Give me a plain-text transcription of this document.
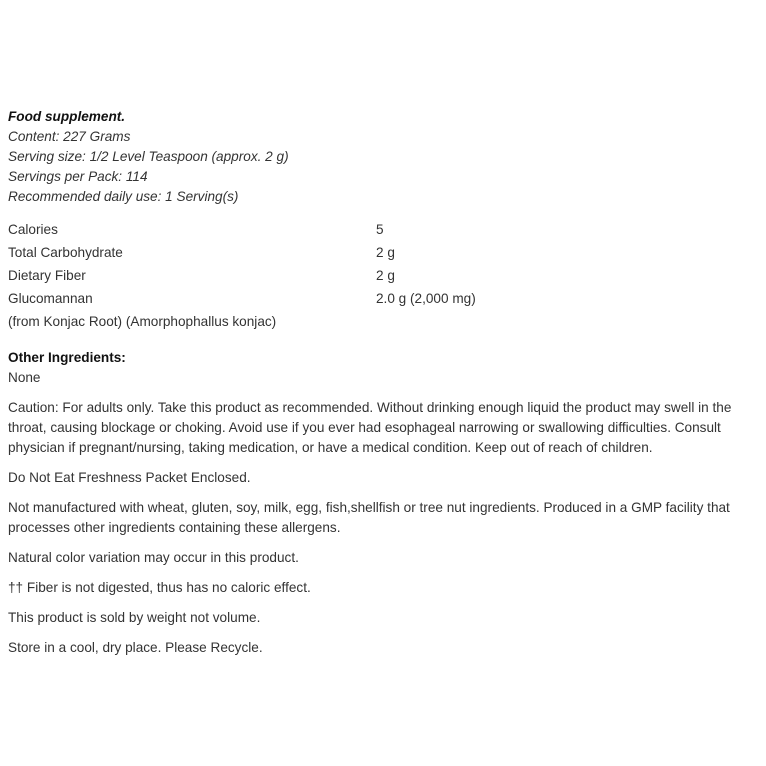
Food supplement.
Content: 227 Grams
Serving size: 1/2 Level Teaspoon (approx. 2 g)
Servings per Pack: 114
Recommended daily use: 1 Serving(s)
Calories	5
Total Carbohydrate	2 g
Dietary Fiber	2 g
Glucomannan	2.0 g (2,000 mg)
(from Konjac Root) (Amorphophallus konjac)
Other Ingredients:
None
Caution: For adults only. Take this product as recommended. Without drinking enough liquid the product may swell in the throat, causing blockage or choking. Avoid use if you ever had esophageal narrowing or swallowing difficulties. Consult physician if pregnant/nursing, taking medication, or have a medical condition. Keep out of reach of children.
Do Not Eat Freshness Packet Enclosed.
Not manufactured with wheat, gluten, soy, milk, egg, fish,shellfish or tree nut ingredients. Produced in a GMP facility that processes other ingredients containing these allergens.
Natural color variation may occur in this product.
†† Fiber is not digested, thus has no caloric effect.
This product is sold by weight not volume.
Store in a cool, dry place. Please Recycle.
